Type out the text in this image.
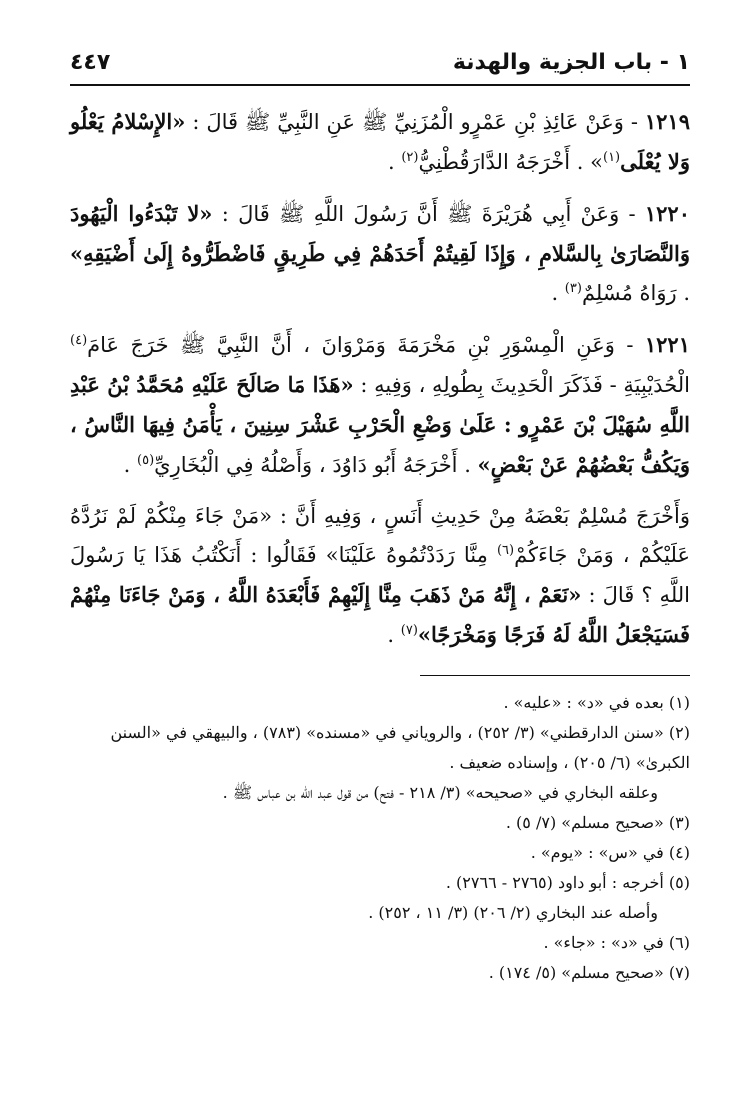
١ - باب الجزية والهدنة
٤٤٧

١٢١٩ - وَعَنْ عَائِذِ بْنِ عَمْرٍو الْمُزَنِيِّ ﷺ عَنِ النَّبِيِّ ﷺ قَالَ : «الإِسْلامُ يَعْلُو وَلا يُعْلَى$^{(١)}$» . أَخْرَجَهُ الدَّارَقُطْنِيُّ$^{(٢)}$ .

١٢٢٠ - وَعَنْ أَبِي هُرَيْرَةَ ﷺ أَنَّ رَسُولَ اللَّهِ ﷺ قَالَ : «لا تَبْدَءُوا الْيَهُودَ وَالنَّصَارَىٰ بِالسَّلامِ ، وَإِذَا لَقِيتُمْ أَحَدَهُمْ فِي طَرِيقٍ فَاضْطَرُّوهُ إِلَىٰ أَضْيَقِهِ» . رَوَاهُ مُسْلِمٌ$^{(٣)}$ .

١٢٢١ - وَعَنِ الْمِسْوَرِ بْنِ مَخْرَمَةَ وَمَرْوَانَ ، أَنَّ النَّبِيَّ ﷺ خَرَجَ عَامَ$^{(٤)}$ الْحُدَيْبِيَةِ - فَذَكَرَ الْحَدِيثَ بِطُولِهِ ، وَفِيهِ : «هَذَا مَا صَالَحَ عَلَيْهِ مُحَمَّدُ بْنُ عَبْدِ اللَّهِ سُهَيْلَ بْنَ عَمْرٍو : عَلَىٰ وَضْعِ الْحَرْبِ عَشْرَ سِنِينَ ، يَأْمَنُ فِيهَا النَّاسُ ، وَيَكُفُّ بَعْضُهُمْ عَنْ بَعْضٍ» . أَخْرَجَهُ أَبُو دَاوُدَ ، وَأَصْلُهُ فِي الْبُخَارِيِّ$^{(٥)}$ .

وَأَخْرَجَ مُسْلِمٌ بَعْضَهُ مِنْ حَدِيثِ أَنَسٍ ، وَفِيهِ أَنَّ : «مَنْ جَاءَ مِنْكُمْ لَمْ نَرُدَّهُ عَلَيْكُمْ ، وَمَنْ جَاءَكُمْ$^{(٦)}$ مِنَّا رَدَدْتُمُوهُ عَلَيْنَا» فَقَالُوا : أَنَكْتُبُ هَذَا يَا رَسُولَ اللَّهِ ؟ قَالَ : «نَعَمْ ، إِنَّهُ مَنْ ذَهَبَ مِنَّا إِلَيْهِمْ فَأَبْعَدَهُ اللَّهُ ، وَمَنْ جَاءَنَا مِنْهُمْ فَسَيَجْعَلُ اللَّهُ لَهُ فَرَجًا وَمَخْرَجًا»$^{(٧)}$ .

(١) بعده في «د» : «عليه» .

(٢) «سنن الدارقطني» (٣/ ٢٥٢) ، والروياني في «مسنده» (٧٨٣) ، والبيهقي في «السنن الكبرىٰ» (٦/ ٢٠٥) ، وإسناده ضعيف .

وعلقه البخاري في «صحيحه» (٣/ ٢١٨ - فتح) من قول عبد الله بن عباس ﷺ .

(٣) «صحيح مسلم» (٧/ ٥) .

(٤) في «س» : «يوم» .

(٥) أخرجه : أبو داود (٢٧٦٥ - ٢٧٦٦) .

وأصله عند البخاري (٢/ ٢٠٦) (٣/ ١١ ، ٢٥٢) .

(٦) في «د» : «جاء» .

(٧) «صحيح مسلم» (٥/ ١٧٤) .
